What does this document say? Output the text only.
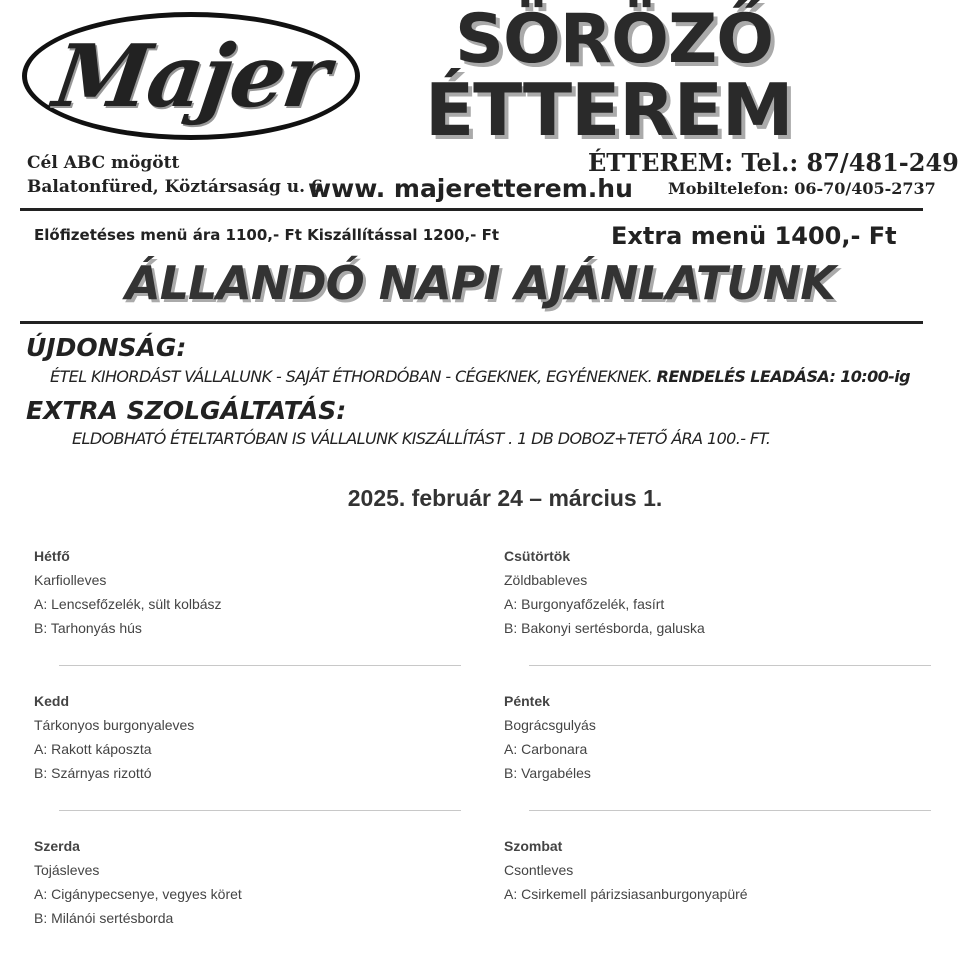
Majer	SÖRÖZŐ
ÉTTEREM
Cél ABC mögött
Balatonfüred, Köztársaság u. 6.
www. majeretterem.hu
ÉTTEREM: Tel.: 87/481-249
Mobiltelefon: 06-70/405-2737
Előfizetéses menü ára 1100,- Ft Kiszállítással 1200,- Ft	Extra menü 1400,- Ft
ÁLLANDÓ NAPI AJÁNLATUNK
ÚJDONSÁG:
ÉTEL KIHORDÁST VÁLLALUNK - SAJÁT ÉTHORDÓBAN - CÉGEKNEK, EGYÉNEKNEK. RENDELÉS LEADÁSA: 10:00-ig
EXTRA SZOLGÁLTATÁS:
ELDOBHATÓ ÉTELTARTÓBAN IS VÁLLALUNK KISZÁLLÍTÁST . 1 DB DOBOZ+TETŐ ÁRA 100.- FT.
2025. február 24 – március 1.
Hétfő
Karfiolleves
A: Lencsefőzelék, sült kolbász
B: Tarhonyás hús
Kedd
Tárkonyos burgonyaleves
A: Rakott káposzta
B: Szárnyas rizottó
Szerda
Tojásleves
A: Cigánypecsenye, vegyes köret
B: Milánói sertésborda
Csütörtök
Zöldbableves
A: Burgonyafőzelék, fasírt
B: Bakonyi sertésborda, galuska
Péntek
Bográcsgulyás
A: Carbonara
B: Vargabéles
Szombat
Csontleves
A: Csirkemell párizsiasanburgonyapüré
